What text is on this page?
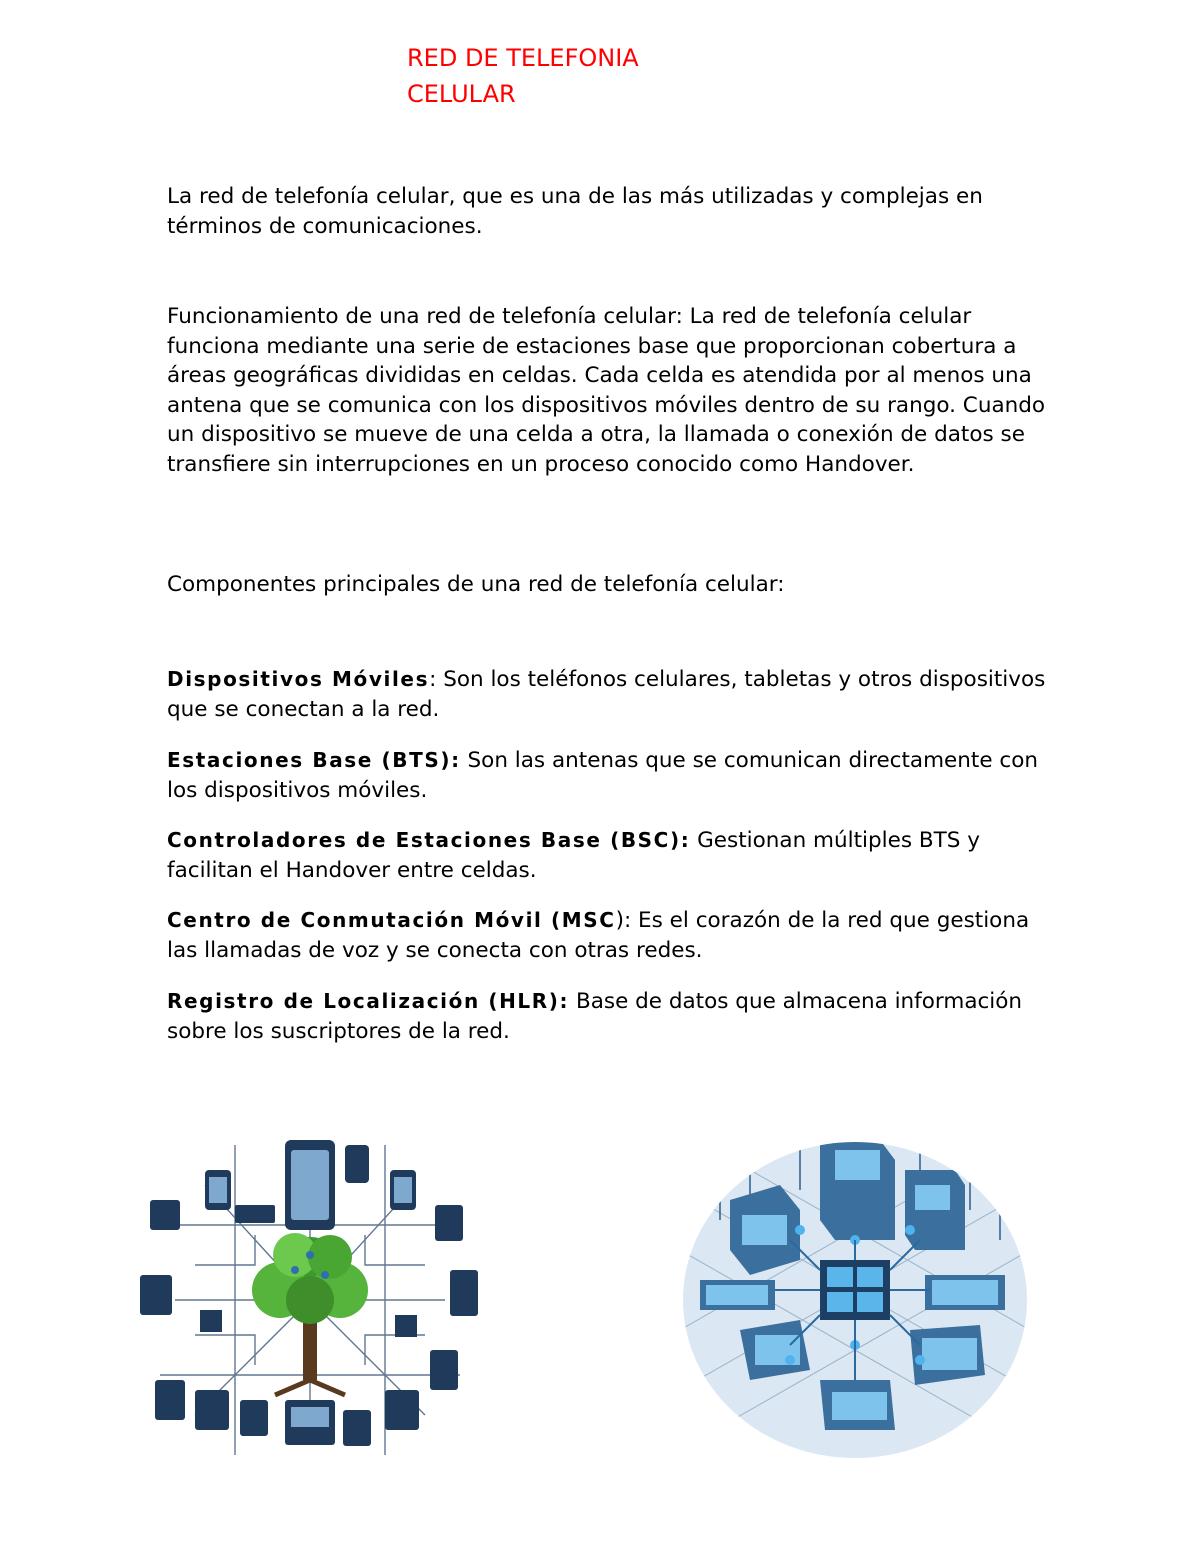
RED DE TELEFONIA CELULAR

La red de telefonía celular, que es una de las más utilizadas y complejas en términos de comunicaciones.

Funcionamiento de una red de telefonía celular: La red de telefonía celular funciona mediante una serie de estaciones base que proporcionan cobertura a áreas geográficas divididas en celdas. Cada celda es atendida por al menos una antena que se comunica con los dispositivos móviles dentro de su rango. Cuando un dispositivo se mueve de una celda a otra, la llamada o conexión de datos se transfiere sin interrupciones en un proceso conocido como Handover.

Componentes principales de una red de telefonía celular:

Dispositivos Móviles: Son los teléfonos celulares, tabletas y otros dispositivos que se conectan a la red.

Estaciones Base (BTS): Son las antenas que se comunican directamente con los dispositivos móviles.

Controladores de Estaciones Base (BSC): Gestionan múltiples BTS y facilitan el Handover entre celdas.

Centro de Conmutación Móvil (MSC): Es el corazón de la red que gestiona las llamadas de voz y se conecta con otras redes.

Registro de Localización (HLR): Base de datos que almacena información sobre los suscriptores de la red.
